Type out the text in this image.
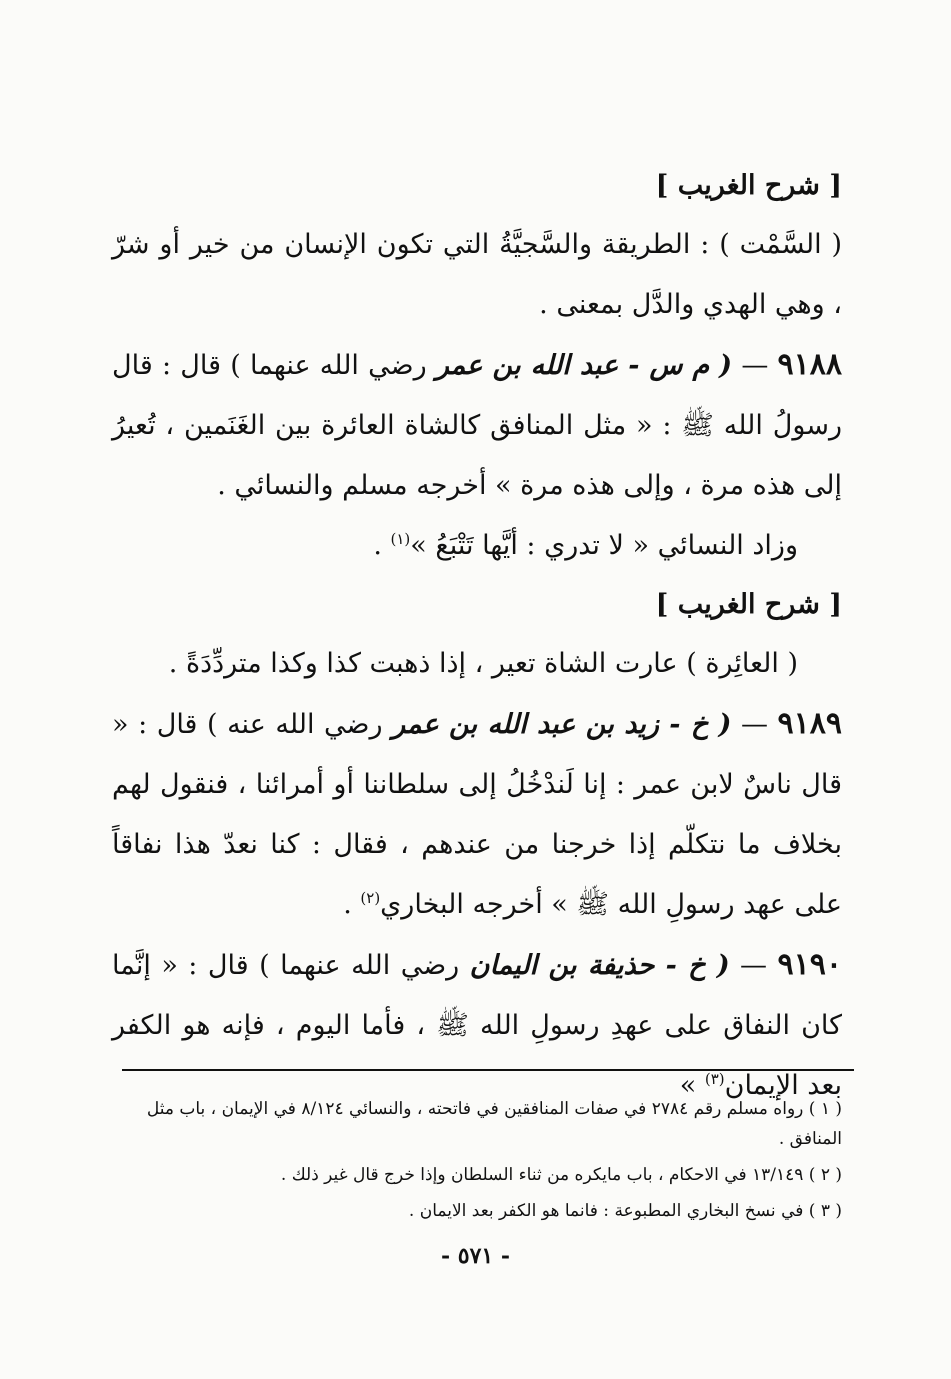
[ شرح الغريب ]

( السَّمْت ) : الطريقة والسَّجيَّةُ التي تكون الإنسان من خير أو شرّ ، وهي الهدي والدَّل بمعنى .

٩١٨٨ — ( م س - عبد الله بن عمر رضي الله عنهما ) قال : قال رسولُ الله ﷺ : « مثل المنافق كالشاة العائرة بين الغَنَمين ، تُعيرُ إلى هذه مرة ، وإلى هذه مرة » أخرجه مسلم والنسائي .

وزاد النسائي « لا تدري : أيَّها تَتْبَعُ »$^{(١)}$ .

[ شرح الغريب ]

( العائِرة ) عارت الشاة تعير ، إذا ذهبت كذا وكذا متردِّدَةً .

٩١٨٩ — ( خ - زيد بن عبد الله بن عمر رضي الله عنه ) قال : « قال ناسٌ لابن عمر : إنا لَندْخُلُ إلى سلطاننا أو أمرائنا ، فنقول لهم بخلاف ما نتكلّم إذا خرجنا من عندهم ، فقال : كنا نعدّ هذا نفاقاً على عهد رسولِ الله ﷺ » أخرجه البخاري$^{(٢)}$ .

٩١٩٠ — ( خ - حذيفة بن اليمان رضي الله عنهما ) قال : « إنَّما كان النفاق على عهدِ رسولِ الله ﷺ ، فأما اليوم ، فإنه هو الكفر بعد الإيمان$^{(٣)}$ »

( ١ ) رواه مسلم رقم ٢٧٨٤ في صفات المنافقين في فاتحته ، والنسائي ٨/١٢٤ في الإيمان ، باب مثل المنافق .

( ٢ ) ١٣/١٤٩ في الاحكام ، باب مايكره من ثناء السلطان وإذا خرج قال غير ذلك .

( ٣ ) في نسخ البخاري المطبوعة : فانما هو الكفر بعد الايمان .

- ٥٧١ -
